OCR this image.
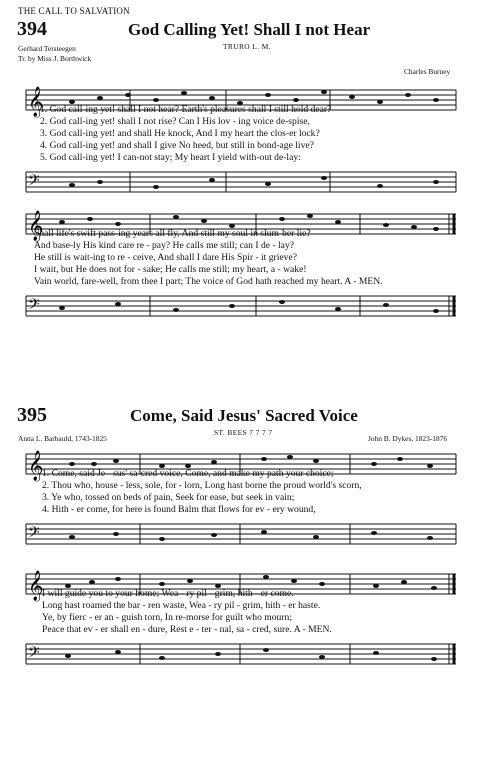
THE CALL TO SALVATION
394	God Calling Yet! Shall I not Hear
Gerhard Tersteegen
Tr. by Miss J. Borthwick
TRURO L. M.
Charles Burney
𝄞
1. God call-ing yet! shall I not hear? Earth's pleasures shall I still hold dear?
2. God call-ing yet! shall I not rise? Can I His lov - ing voice de-spise,
3. God call-ing yet! and shall He knock, And I my heart the clos-er lock?
4. God call-ing yet! and shall I give No heed, but still in bond-age live?
5. God call-ing yet! I can-not stay; My heart I yield with-out de-lay:
𝄢
𝄞
Shall life's swift pass-ing years all fly, And still my soul in slum-ber lie?
And base-ly His kind care re - pay? He calls me still; can I de - lay?
He still is wait-ing to re - ceive, And shall I dare His Spir - it grieve?
I wait, but He does not for - sake; He calls me still; my heart, a - wake!
Vain world, fare-well, from thee I part; The voice of God hath reached my heart. A - MEN.
𝄢
395	Come, Said Jesus' Sacred Voice
ST. BEES 7 7 7 7
Anna L. Barbauld, 1743-1825	John B. Dykes, 1823-1876
𝄞
1. Come, said Je - sus' sa-cred voice, Come, and make my path your choice;
2. Thou who, house - less, sole, for - lorn, Long hast borne the proud world's scorn,
3. Ye who, tossed on beds of pain, Seek for ease, but seek in vain;
4. Hith - er come, for here is found Balm that flows for ev - ery wound,
𝄢
𝄞
I will guide you to your home; Wea - ry pil - grim, hith - er come.
Long hast roamed the bar - ren waste, Wea - ry pil - grim, hith - er haste.
Ye, by fierc - er an - guish torn, In re-morse for guilt who mourn;
Peace that ev - er shall en - dure, Rest e - ter - nal, sa - cred, sure. A - MEN.
𝄢
